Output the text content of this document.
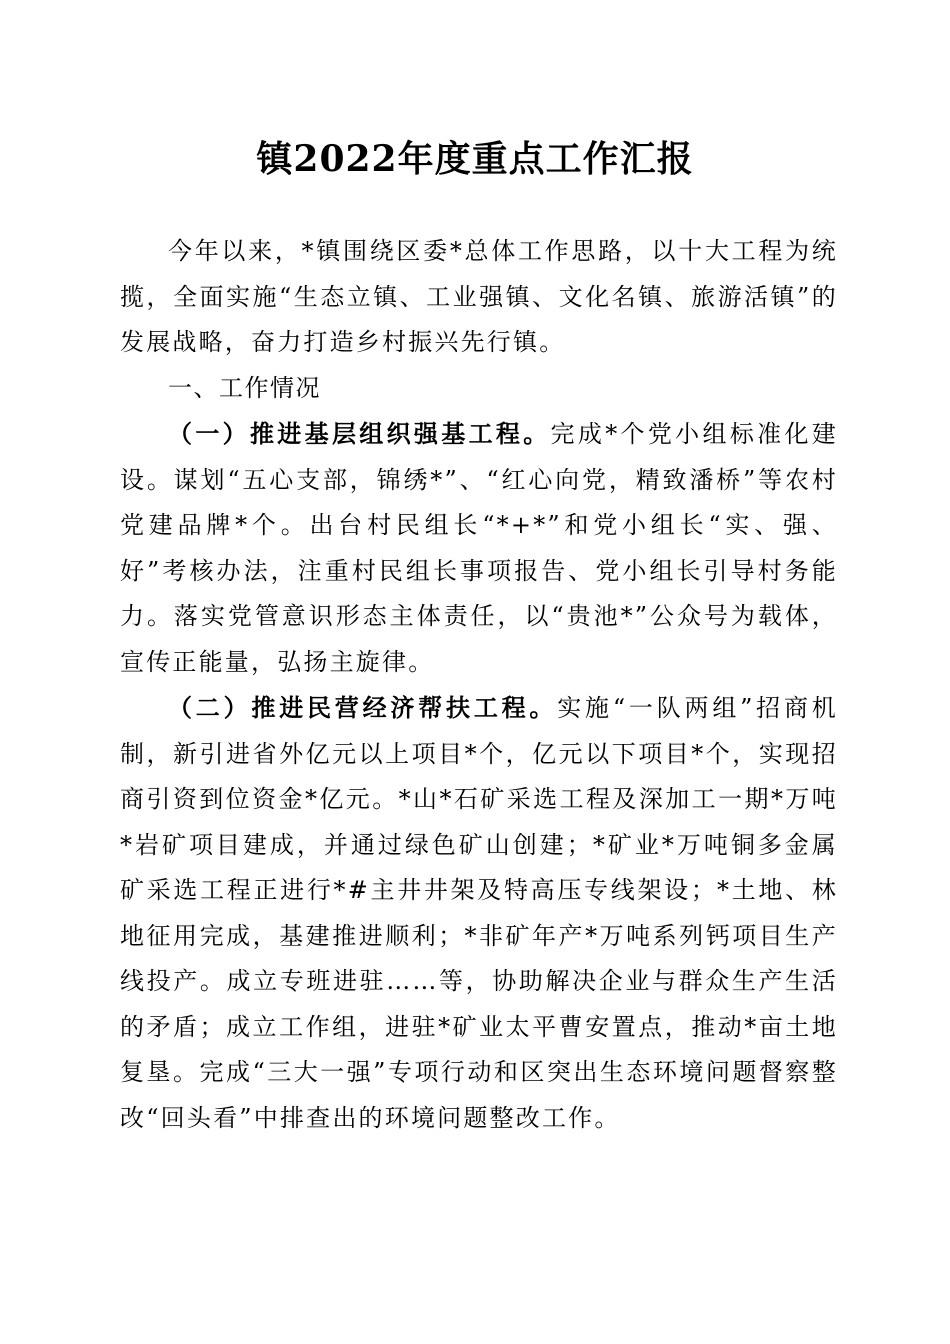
镇2022年度重点工作汇报

今年以来，*镇围绕区委*总体工作思路，以十大工程为统揽，全面实施“生态立镇、工业强镇、文化名镇、旅游活镇”的发展战略，奋力打造乡村振兴先行镇。

一、工作情况

（一）推进基层组织强基工程。完成*个党小组标准化建设。谋划“五心支部，锦绣*”、“红心向党，精致潘桥”等农村党建品牌*个。出台村民组长“*+*”和党小组长“实、强、好”考核办法，注重村民组长事项报告、党小组长引导村务能力。落实党管意识形态主体责任，以“贵池*”公众号为载体，宣传正能量，弘扬主旋律。

（二）推进民营经济帮扶工程。实施“一队两组”招商机制，新引进省外亿元以上项目*个，亿元以下项目*个，实现招商引资到位资金*亿元。*山*石矿采选工程及深加工一期*万吨*岩矿项目建成，并通过绿色矿山创建；*矿业*万吨铜多金属矿采选工程正进行*#主井井架及特高压专线架设；*土地、林地征用完成，基建推进顺利；*非矿年产*万吨系列钙项目生产线投产。成立专班进驻……等，协助解决企业与群众生产生活的矛盾；成立工作组，进驻*矿业太平曹安置点，推动*亩土地复垦。完成“三大一强”专项行动和区突出生态环境问题督察整改“回头看”中排查出的环境问题整改工作。
